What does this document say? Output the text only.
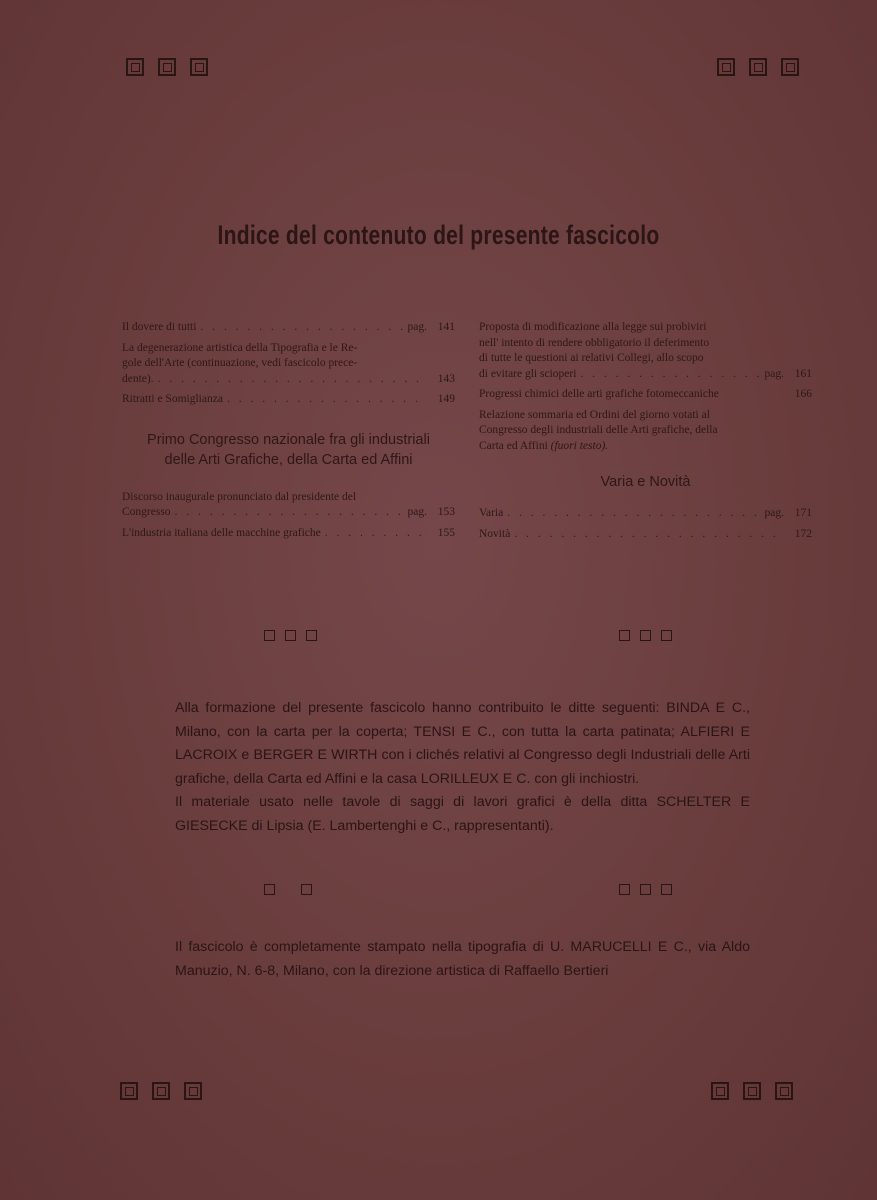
Indice del contenuto del presente fascicolo
Il dovere di tutti . . .	pag. 141
La degenerazione artistica della Tipografia e le Re-
gole dell'Arte (continuazione, vedi fascicolo prece-
dente). . . .	143
Ritratti e Somiglianza . . .	149
Primo Congresso nazionale fra gli industriali
delle Arti Grafiche, della Carta ed Affini
Discorso inaugurale pronunciato dal presidente del
Congresso . . .	pag. 153
L'industria italiana delle macchine grafiche . . .	155
Proposta di modificazione alla legge sui probiviri
nell' intento di rendere obbligatorio il deferimento
di tutte le questioni ai relativi Collegi, allo scopo
di evitare gli scioperi . . .	pag. 161
Progressi chimici delle arti grafiche fotomeccaniche	166
Relazione sommaria ed Ordini del giorno votati al
Congresso degli industriali delle Arti grafiche, della
Carta ed Affini (fuori testo).
Varia e Novità
Varia . . .	pag. 171
Novità . . .	172

Alla formazione del presente fascicolo hanno contribuito le ditte seguenti: BINDA E C., Milano, con la carta per la coperta; TENSI E C., con tutta la carta patinata; ALFIERI E LACROIX e BERGER E WIRTH con i clichés relativi al Congresso degli Industriali delle Arti grafiche, della Carta ed Affini e la casa LORILLEUX E C. con gli inchiostri.

Il materiale usato nelle tavole di saggi di lavori grafici è della ditta SCHELTER E GIESECKE di Lipsia (E. Lambertenghi e C., rappresentanti).

Il fascicolo è completamente stampato nella tipografia di U. MARUCELLI E C., via Aldo Manuzio, N. 6-8, Milano, con la direzione artistica di Raffaello Bertieri
